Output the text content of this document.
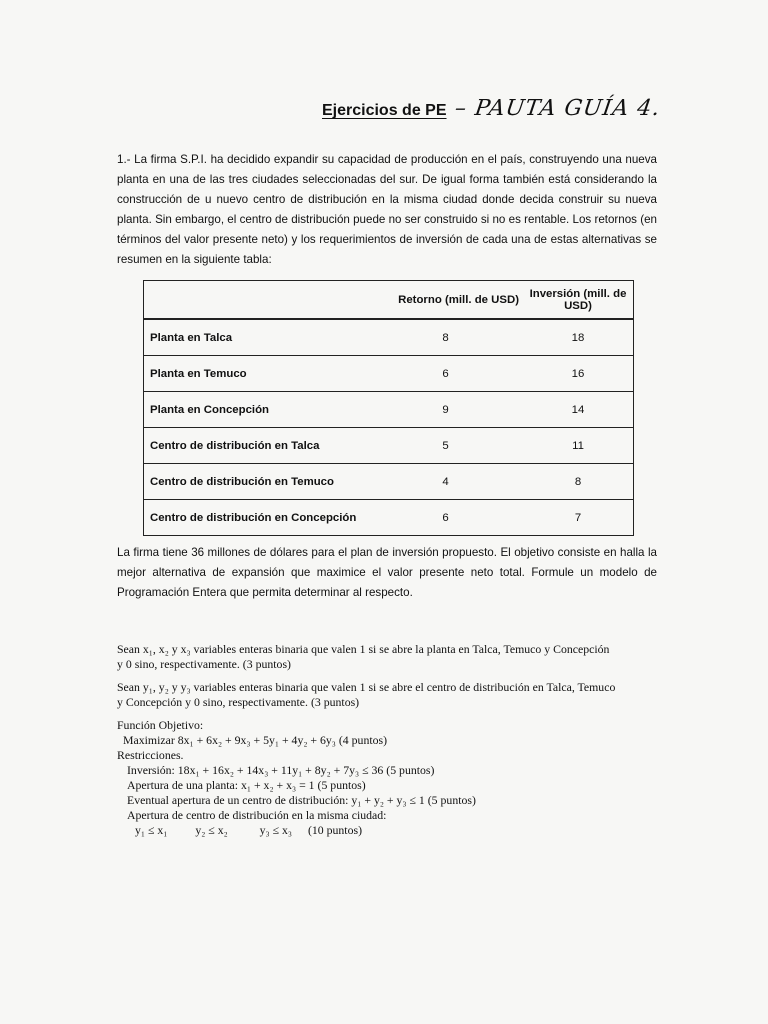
Ejercicios de PE – PAUTA GUÍA 4.
1.- La firma S.P.I. ha decidido expandir su capacidad de producción en el país, construyendo una nueva planta en una de las tres ciudades seleccionadas del sur. De igual forma también está considerando la construcción de u nuevo centro de distribución en la misma ciudad donde decida construir su nueva planta. Sin embargo, el centro de distribución puede no ser construido si no es rentable. Los retornos (en términos del valor presente neto) y los requerimientos de inversión de cada una de estas alternativas se resumen en la siguiente tabla:
	Retorno (mill. de USD)	Inversión (mill. de USD)
Planta en Talca	8	18
Planta en Temuco	6	16
Planta en Concepción	9	14
Centro de distribución en Talca	5	11
Centro de distribución en Temuco	4	8
Centro de distribución en Concepción	6	7
La firma tiene 36 millones de dólares para el plan de inversión propuesto. El objetivo consiste en halla la mejor alternativa de expansión que maximice el valor presente neto total. Formule un modelo de Programación Entera que permita determinar al respecto.

Sean x₁, x₂ y x₃ variables enteras binaria que valen 1 si se abre la planta en Talca, Temuco y Concepción y 0 sino, respectivamente. (3 puntos)

Sean y₁, y₂ y y₃ variables enteras binaria que valen 1 si se abre el centro de distribución en Talca, Temuco y Concepción y 0 sino, respectivamente. (3 puntos)

Función Objetivo:

Maximizar 8x₁ + 6x₂ + 9x₃ + 5y₁ + 4y₂ + 6y₃ (4 puntos)

Restricciones.

Inversión: 18x₁ + 16x₂ + 14x₃ + 11y₁ + 8y₂ + 7y₃ ≤ 36 (5 puntos)

Apertura de una planta: x₁ + x₂ + x₃ = 1 (5 puntos)

Eventual apertura de un centro de distribución: y₁ + y₂ + y₃ ≤ 1 (5 puntos)

Apertura de centro de distribución en la misma ciudad:

y₁ ≤ x₁ y₂ ≤ x₂	y₃ ≤ x₃ (10 puntos)
